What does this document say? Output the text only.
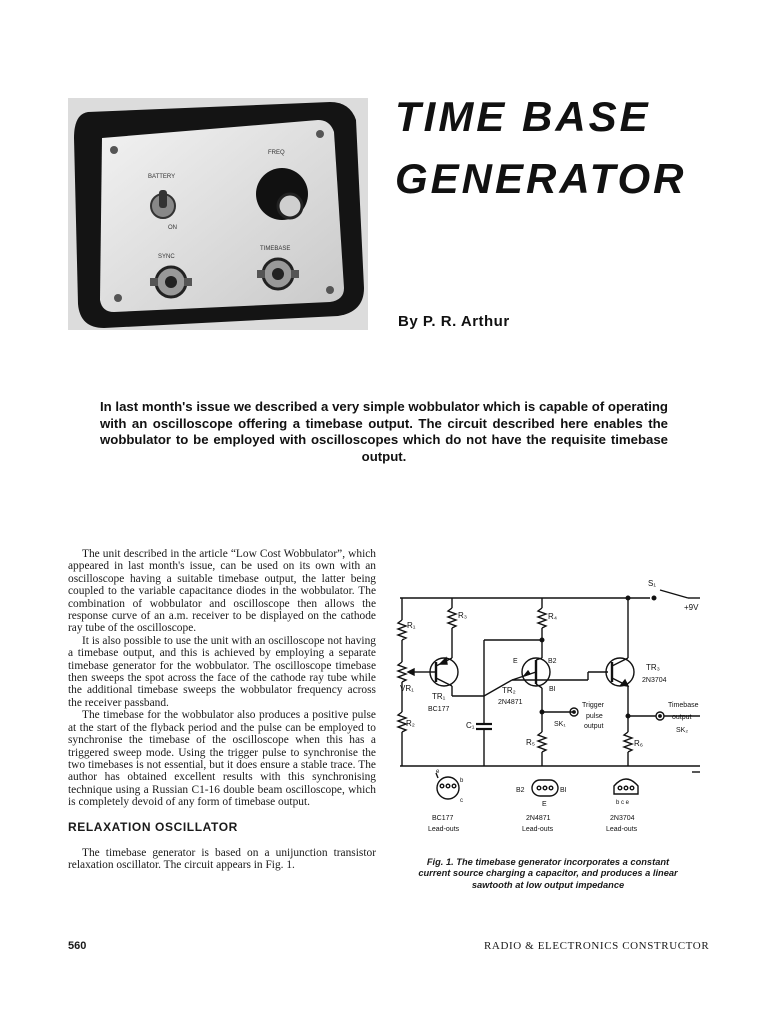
BATTERY
ON
FREQ
SYNC
TIMEBASE
TIME BASE
GENERATOR
By P. R. Arthur

In last month's issue we described a very simple wobbulator which is capable of operating with an oscilloscope offering a timebase output. The circuit described here enables the wobbulator to be employed with oscilloscopes which do not have the requisite timebase output.

The unit described in the article “Low Cost Wobbulator”, which appeared in last month's issue, can be used on its own with an oscilloscope having a suitable timebase output, the latter being coupled to the variable capacitance diodes in the wobbulator. The combination of wobbulator and oscilloscope then allows the response curve of an a.m. receiver to be displayed on the cathode ray tube of the oscilloscope.

It is also possible to use the unit with an oscilloscope not having a timebase output, and this is achieved by employing a separate timebase generator for the wobbulator. The oscilloscope timebase then sweeps the spot across the face of the cathode ray tube while the additional timebase sweeps the wobbulator frequency across the receiver passband.

The timebase for the wobbulator also produces a positive pulse at the start of the flyback period and the pulse can be employed to synchronise the timebase of the oscilloscope when this has a triggered sweep mode. Using the trigger pulse to synchronise the two timebases is not essential, but it does ensure a stable trace. The author has obtained excellent results with this synchronising technique using a Russian C1-16 double beam oscilloscope, which is completely devoid of any form of timebase output.

RELAXATION OSCILLATOR

The timebase generator is based on a unijunction transistor relaxation oscillator. The circuit appears in Fig. 1.

S₁
+9V
R₁
VR₁
R₂
R₃
TR₁
BC177
C₁
R₄
E	B2
BI
TR₂
2N4871
R₅
SK₁
Trigger
pulse
output
TR₃
2N3704
R₆
Timebase
output
SK₂
e
b
c
BC177
Lead-outs
B2	BI
E
2N4871
Lead-outs
b c e
2N3704
Lead-outs

Fig. 1. The timebase generator incorporates a constant current source charging a capacitor, and produces a linear sawtooth at low output impedance

560	RADIO & ELECTRONICS CONSTRUCTOR
